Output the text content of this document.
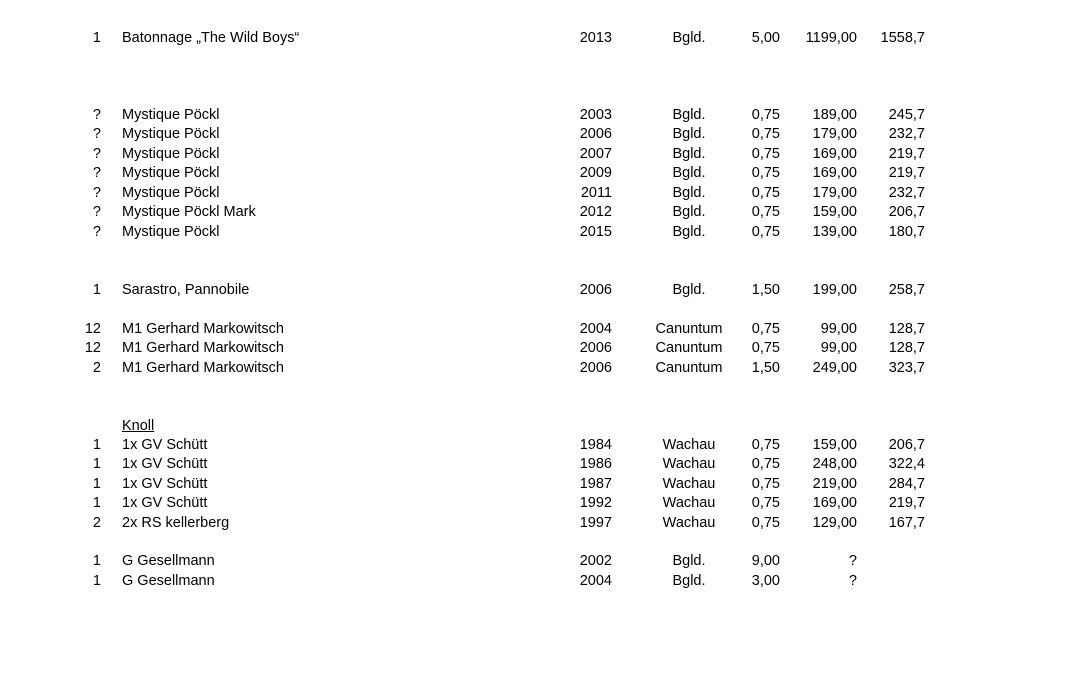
Knoll
1 Batonnage „The Wild Boys“	2013	Bgld.	5,00	1199,00	1558,7
? Mystique Pöckl	2003	Bgld.	0,75	189,00	245,7
? Mystique Pöckl	2006	Bgld.	0,75	179,00	232,7
? Mystique Pöckl	2007	Bgld.	0,75	169,00	219,7
? Mystique Pöckl	2009	Bgld.	0,75	169,00	219,7
? Mystique Pöckl	2011	Bgld.	0,75	179,00	232,7
? Mystique Pöckl Mark	2012	Bgld.	0,75	159,00	206,7
? Mystique Pöckl	2015	Bgld.	0,75	139,00	180,7
1 Sarastro, Pannobile	2006	Bgld.	1,50	199,00	258,7
12 M1 Gerhard Markowitsch	2004	Canuntum	0,75	99,00	128,7
12 M1 Gerhard Markowitsch	2006	Canuntum	0,75	99,00	128,7
2 M1 Gerhard Markowitsch	2006	Canuntum	1,50	249,00	323,7
1 1x GV Schütt	1984	Wachau	0,75	159,00	206,7
1 1x GV Schütt	1986	Wachau	0,75	248,00	322,4
1 1x GV Schütt	1987	Wachau	0,75	219,00	284,7
1 1x GV Schütt	1992	Wachau	0,75	169,00	219,7
2 2x RS kellerberg	1997	Wachau	0,75	129,00	167,7
1 G Gesellmann	2002	Bgld.	9,00	?
1 G Gesellmann	2004	Bgld.	3,00	?
